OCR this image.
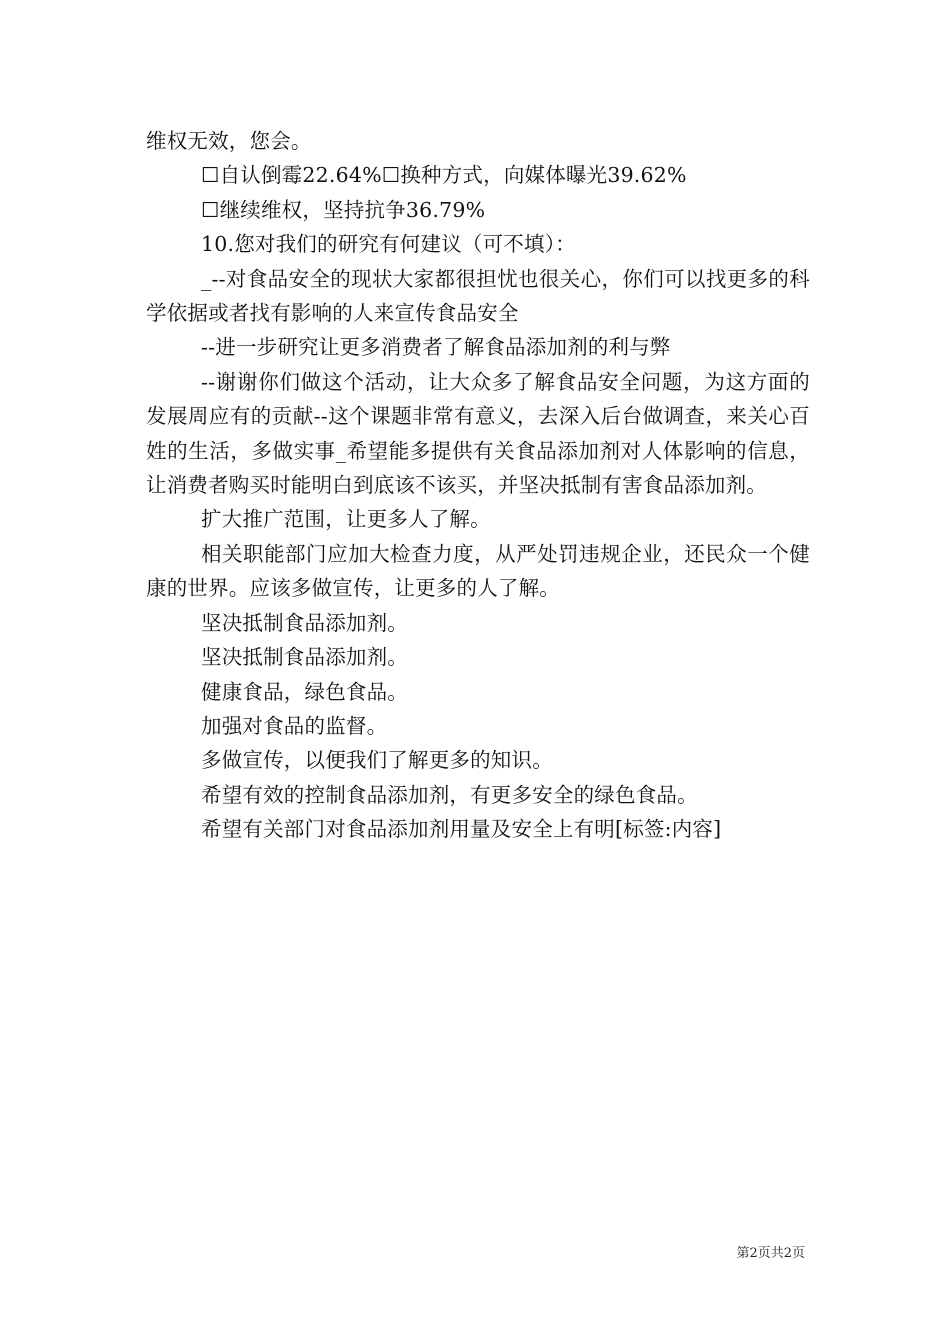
维权无效，您会。

☐自认倒霉22.64%☐换种方式，向媒体曝光39.62%

☐继续维权，坚持抗争36.79%

10.您对我们的研究有何建议（可不填）：

_--对食品安全的现状大家都很担忧也很关心，你们可以找更多的科学依据或者找有影响的人来宣传食品安全

--进一步研究让更多消费者了解食品添加剂的利与弊

--谢谢你们做这个活动，让大众多了解食品安全问题，为这方面的发展周应有的贡献--这个课题非常有意义，去深入后台做调查，来关心百姓的生活，多做实事_希望能多提供有关食品添加剂对人体影响的信息，让消费者购买时能明白到底该不该买，并坚决抵制有害食品添加剂。

扩大推广范围，让更多人了解。

相关职能部门应加大检查力度，从严处罚违规企业，还民众一个健康的世界。应该多做宣传，让更多的人了解。

坚决抵制食品添加剂。

坚决抵制食品添加剂。

健康食品，绿色食品。

加强对食品的监督。

多做宣传，以便我们了解更多的知识。

希望有效的控制食品添加剂，有更多安全的绿色食品。

希望有关部门对食品添加剂用量及安全上有明[标签:内容]

第2页共2页
